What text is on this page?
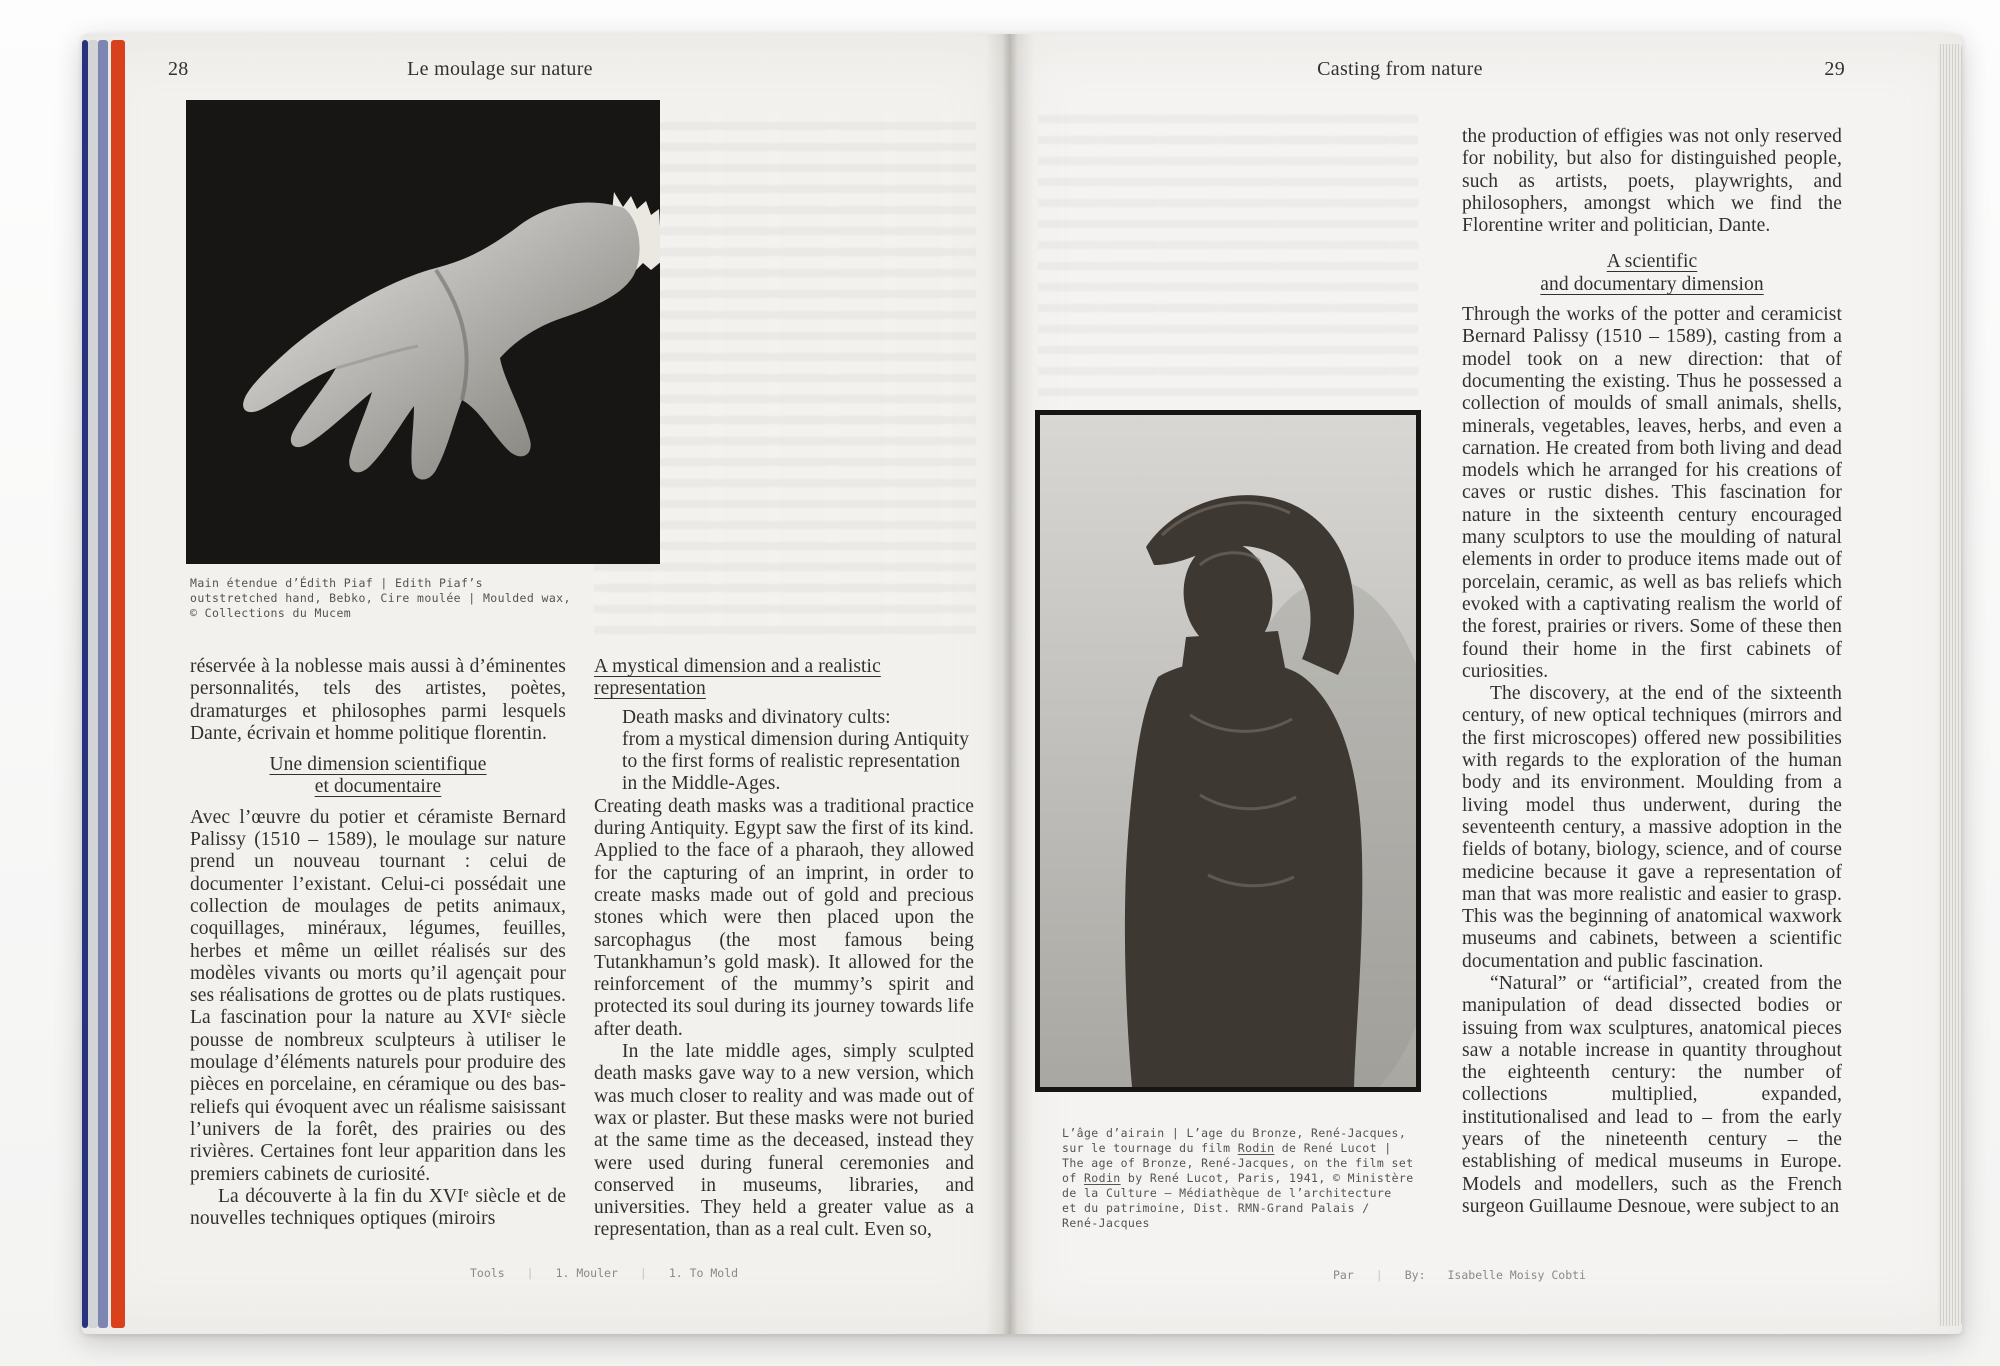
28	Le moulage sur nature
Main étendue d’Édith Piaf | Edith Piaf’s
outstretched hand, Bebko, Cire moulée | Moulded wax,
© Collections du Mucem

réservée à la noblesse mais aussi à d’éminentes personnalités, tels des artistes, poètes, dramaturges et philosophes parmi lesquels Dante, écrivain et homme politique florentin.

Une dimension scientifique
et documentaire

Avec l’œuvre du potier et céramiste Bernard Palissy (1510 – 1589), le moulage sur nature prend un nouveau tournant : celui de documenter l’existant. Celui-ci possédait une collection de moulages de petits animaux, coquillages, minéraux, légumes, feuilles, herbes et même un œillet réalisés sur des modèles vivants ou morts qu’il agençait pour ses réalisations de grottes ou de plats rustiques. La fascination pour la nature au XVIᵉ siècle pousse de nombreux sculpteurs à utiliser le moulage d’éléments naturels pour produire des pièces en porcelaine, en céramique ou des bas-reliefs qui évoquent avec un réalisme saisissant l’univers de la forêt, des prairies ou des rivières. Certaines font leur apparition dans les premiers cabinets de curiosité.

La découverte à la fin du XVIᵉ siècle et de nouvelles techniques optiques (miroirs

A mystical dimension and a realistic representation
Death masks and divinatory cults:
from a mystical dimension during Antiquity
to the first forms of realistic representation
in the Middle-Ages.

Creating death masks was a traditional practice during Antiquity. Egypt saw the first of its kind. Applied to the face of a pharaoh, they allowed for the capturing of an imprint, in order to create masks made out of gold and precious stones which were then placed upon the sarcophagus (the most famous being Tutankhamun’s gold mask). It allowed for the reinforcement of the mummy’s spirit and protected its soul during its journey towards life after death.

In the late middle ages, simply sculpted death masks gave way to a new version, which was much closer to reality and was made out of wax or plaster. But these masks were not buried at the same time as the deceased, instead they were used during funeral ceremonies and conserved in museums, libraries, and universities. They held a greater value as a representation, than as a real cult. Even so,

Tools | 1. Mouler | 1. To Mold
Casting from nature	29
L’âge d’airain | L’age du Bronze, René-Jacques,
sur le tournage du film Rodin de René Lucot |
The age of Bronze, René-Jacques, on the film set
of Rodin by René Lucot, Paris, 1941, © Ministère
de la Culture – Médiathèque de l’architecture
et du patrimoine, Dist. RMN-Grand Palais /
René-Jacques

the production of effigies was not only reserved for nobility, but also for distinguished people, such as artists, poets, playwrights, and philosophers, amongst which we find the Florentine writer and politician, Dante.

A scientific
and documentary dimension

Through the works of the potter and ceramicist Bernard Palissy (1510 – 1589), casting from a model took on a new direction: that of documenting the existing. Thus he possessed a collection of moulds of small animals, shells, minerals, vegetables, leaves, herbs, and even a carnation. He created from both living and dead models which he arranged for his creations of caves or rustic dishes. This fascination for nature in the sixteenth century encouraged many sculptors to use the moulding of natural elements in order to produce items made out of porcelain, ceramic, as well as bas reliefs which evoked with a captivating realism the world of the forest, prairies or rivers. Some of these then found their home in the first cabinets of curiosities.

The discovery, at the end of the sixteenth century, of new optical techniques (mirrors and the first microscopes) offered new possibilities with regards to the exploration of the human body and its environment. Moulding from a living model thus underwent, during the seventeenth century, a massive adoption in the fields of botany, biology, science, and of course medicine because it gave a representation of man that was more realistic and easier to grasp. This was the beginning of anatomical waxwork museums and cabinets, between a scientific documentation and public fascination.

“Natural” or “artificial”, created from the manipulation of dead dissected bodies or issuing from wax sculptures, anatomical pieces saw a notable increase in quantity throughout the eighteenth century: the number of collections multiplied, expanded, institutionalised and lead to – from the early years of the nineteenth century – the establishing of medical museums in Europe. Models and modellers, such as the French surgeon Guillaume Desnoue, were subject to an

Par | By: Isabelle Moisy Cobti
